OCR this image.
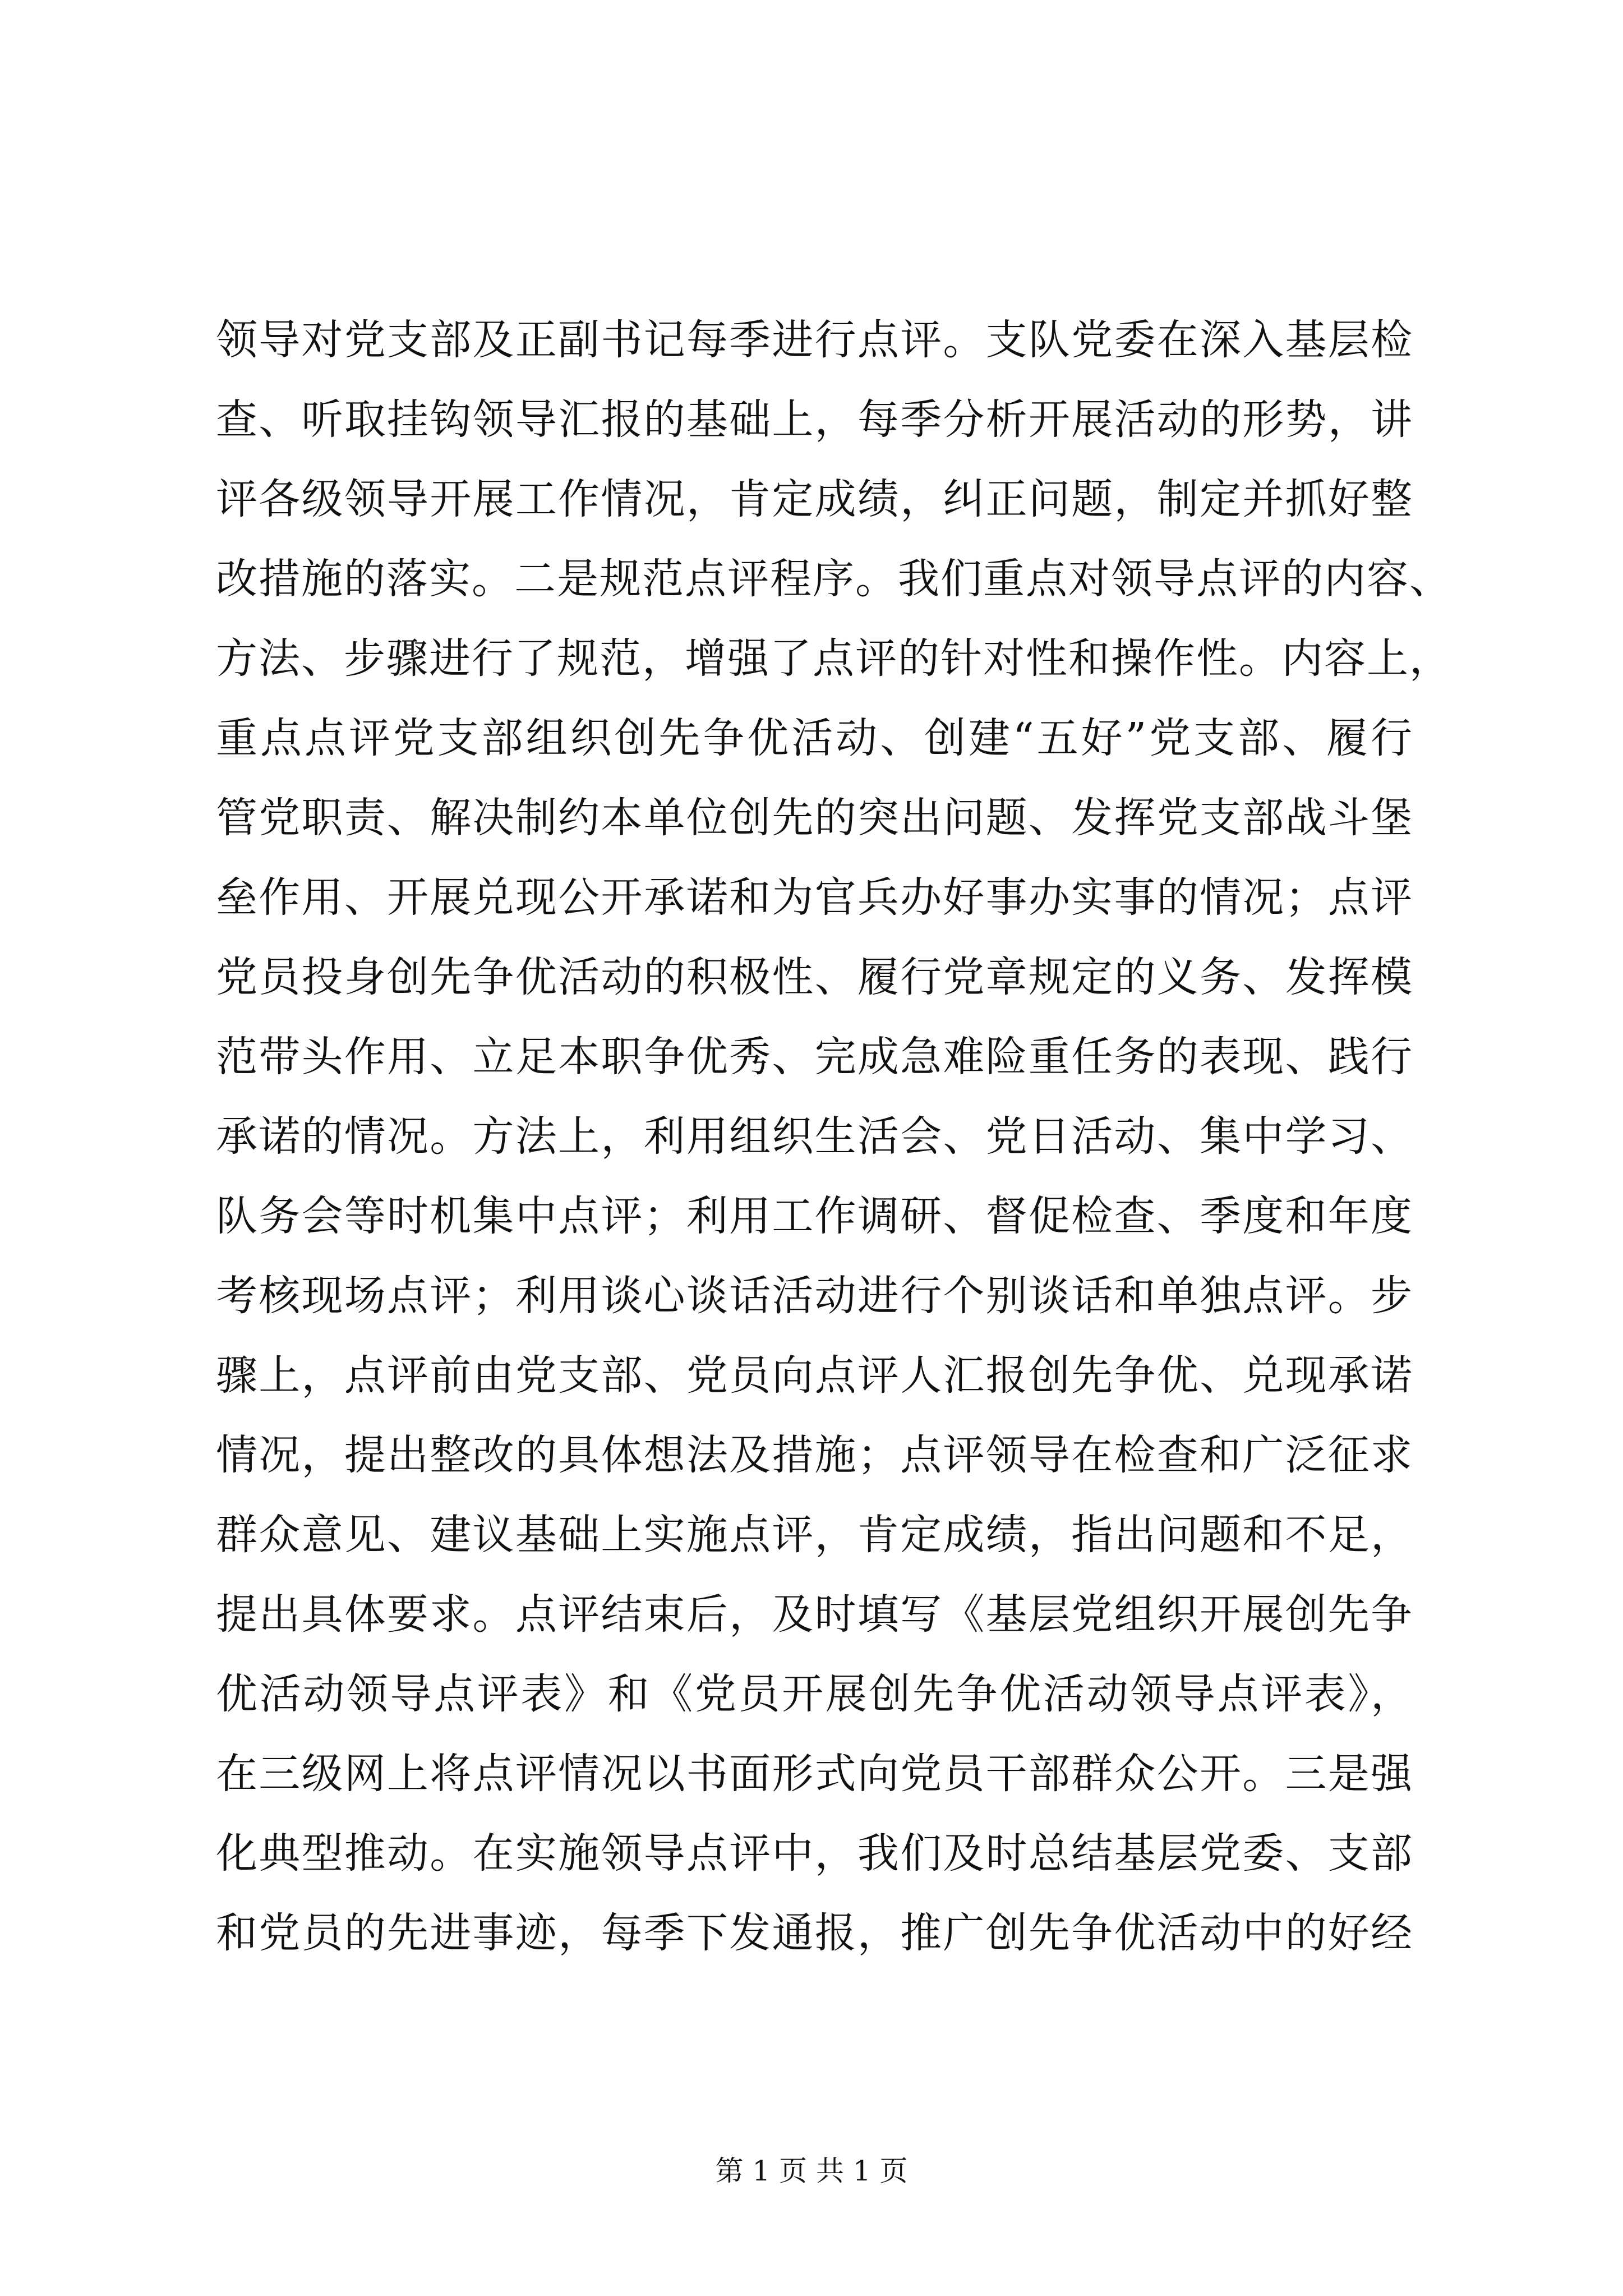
领导对党支部及正副书记每季进行点评。支队党委在深入基层检
查、听取挂钩领导汇报的基础上，每季分析开展活动的形势，讲
评各级领导开展工作情况，肯定成绩，纠正问题，制定并抓好整
改措施的落实。二是规范点评程序。我们重点对领导点评的内容、
方法、步骤进行了规范，增强了点评的针对性和操作性。内容上，
重点点评党支部组织创先争优活动、创建“五好”党支部、履行
管党职责、解决制约本单位创先的突出问题、发挥党支部战斗堡
垒作用、开展兑现公开承诺和为官兵办好事办实事的情况；点评
党员投身创先争优活动的积极性、履行党章规定的义务、发挥模
范带头作用、立足本职争优秀、完成急难险重任务的表现、践行
承诺的情况。方法上，利用组织生活会、党日活动、集中学习、
队务会等时机集中点评；利用工作调研、督促检查、季度和年度
考核现场点评；利用谈心谈话活动进行个别谈话和单独点评。步
骤上，点评前由党支部、党员向点评人汇报创先争优、兑现承诺
情况，提出整改的具体想法及措施；点评领导在检查和广泛征求
群众意见、建议基础上实施点评，肯定成绩，指出问题和不足，
提出具体要求。点评结束后，及时填写《基层党组织开展创先争
优活动领导点评表》和《党员开展创先争优活动领导点评表》，
在三级网上将点评情况以书面形式向党员干部群众公开。三是强
化典型推动。在实施领导点评中，我们及时总结基层党委、支部
和党员的先进事迹，每季下发通报，推广创先争优活动中的好经
第 1 页 共 1 页
